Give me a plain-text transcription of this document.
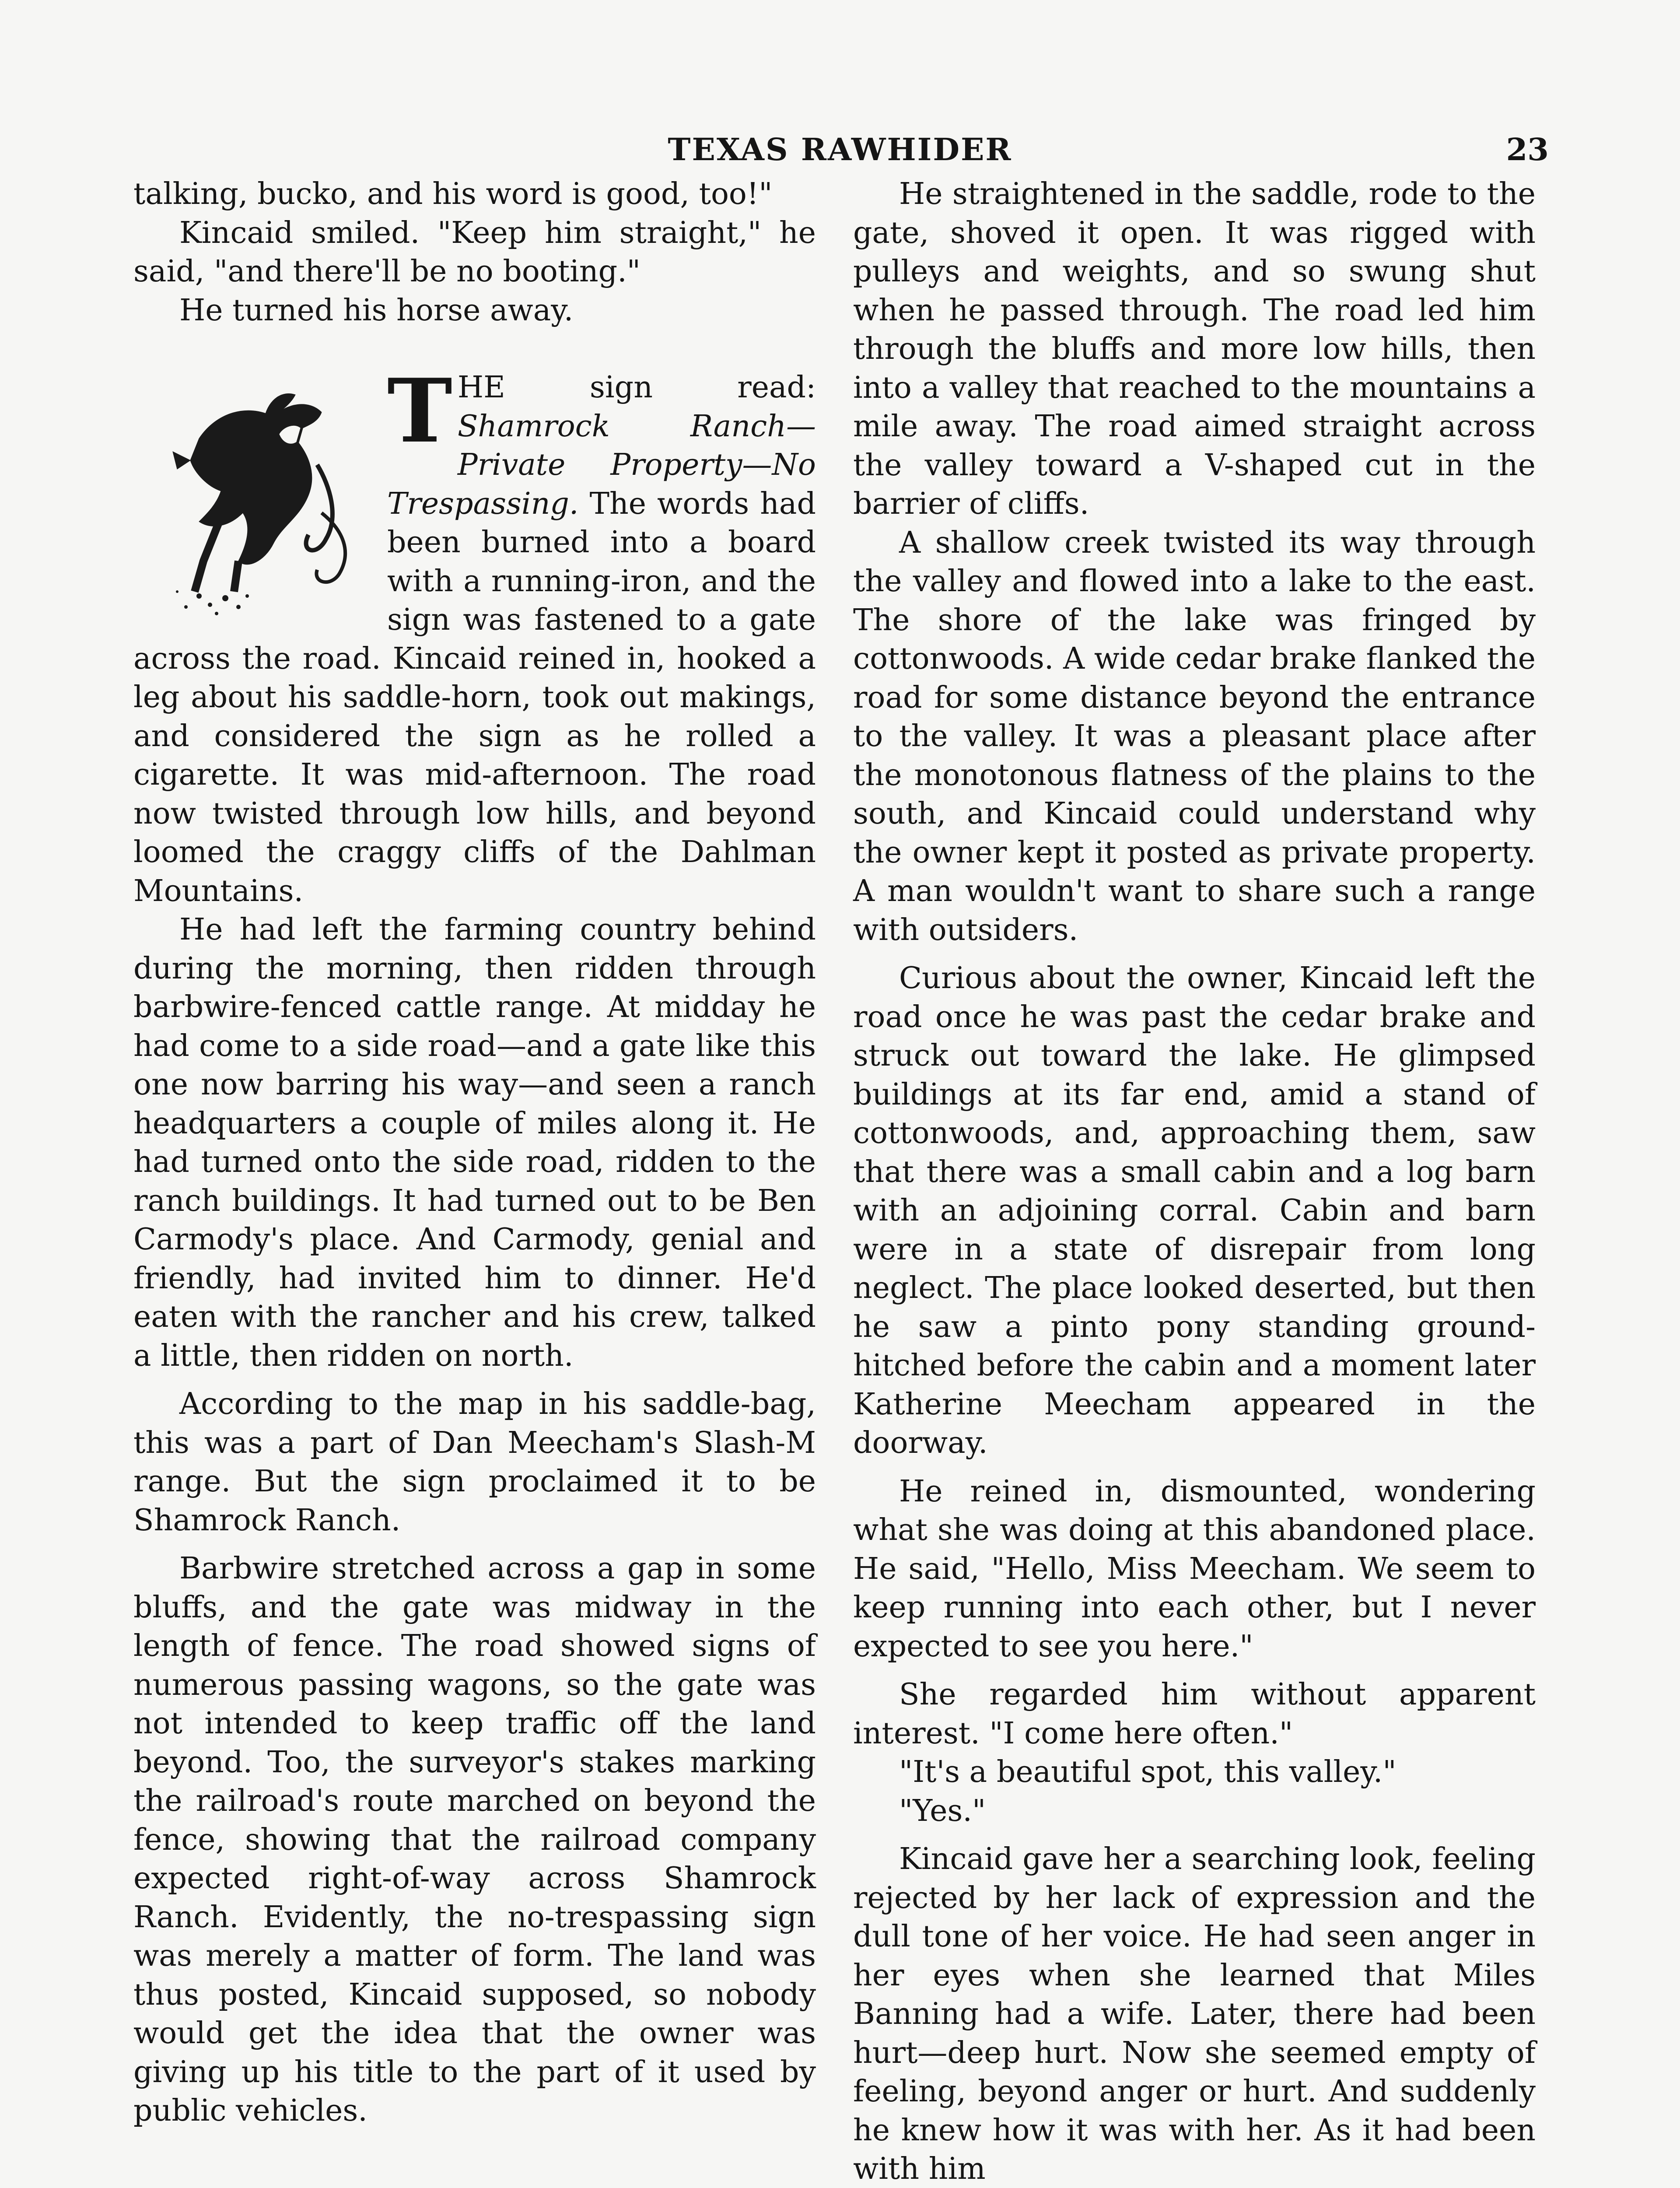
TEXAS RAWHIDER	23

talking, bucko, and his word is good, too!"

Kincaid smiled. "Keep him straight," he said, "and there'll be no booting."

He turned his horse away.

THE sign read: Shamrock Ranch—Private Property—No Trespassing. The words had been burned into a board with a running-iron, and the sign was fastened to a gate across the road. Kincaid reined in, hooked a leg about his saddle-horn, took out makings, and considered the sign as he rolled a cigarette. It was mid-afternoon. The road now twisted through low hills, and beyond loomed the craggy cliffs of the Dahlman Mountains.

He had left the farming country behind during the morning, then ridden through barbwire-fenced cattle range. At midday he had come to a side road—and a gate like this one now barring his way—and seen a ranch headquarters a couple of miles along it. He had turned onto the side road, ridden to the ranch buildings. It had turned out to be Ben Carmody's place. And Carmody, genial and friendly, had invited him to dinner. He'd eaten with the rancher and his crew, talked a little, then ridden on north.

According to the map in his saddle-bag, this was a part of Dan Meecham's Slash-M range. But the sign proclaimed it to be Shamrock Ranch.

Barbwire stretched across a gap in some bluffs, and the gate was midway in the length of fence. The road showed signs of numerous passing wagons, so the gate was not intended to keep traffic off the land beyond. Too, the surveyor's stakes marking the railroad's route marched on beyond the fence, showing that the railroad company expected right-of-way across Shamrock Ranch. Evidently, the no-trespassing sign was merely a matter of form. The land was thus posted, Kincaid supposed, so nobody would get the idea that the owner was giving up his title to the part of it used by public vehicles.

He straightened in the saddle, rode to the gate, shoved it open. It was rigged with pulleys and weights, and so swung shut when he passed through. The road led him through the bluffs and more low hills, then into a valley that reached to the mountains a mile away. The road aimed straight across the valley toward a V-shaped cut in the barrier of cliffs.

A shallow creek twisted its way through the valley and flowed into a lake to the east. The shore of the lake was fringed by cottonwoods. A wide cedar brake flanked the road for some distance beyond the entrance to the valley. It was a pleasant place after the monotonous flatness of the plains to the south, and Kincaid could understand why the owner kept it posted as private property. A man wouldn't want to share such a range with outsiders.

Curious about the owner, Kincaid left the road once he was past the cedar brake and struck out toward the lake. He glimpsed buildings at its far end, amid a stand of cottonwoods, and, approaching them, saw that there was a small cabin and a log barn with an adjoining corral. Cabin and barn were in a state of disrepair from long neglect. The place looked deserted, but then he saw a pinto pony standing ground-hitched before the cabin and a moment later Katherine Meecham appeared in the doorway.

He reined in, dismounted, wondering what she was doing at this abandoned place. He said, "Hello, Miss Meecham. We seem to keep running into each other, but I never expected to see you here."

She regarded him without apparent interest. "I come here often."

"It's a beautiful spot, this valley."

"Yes."

Kincaid gave her a searching look, feeling rejected by her lack of expression and the dull tone of her voice. He had seen anger in her eyes when she learned that Miles Banning had a wife. Later, there had been hurt—deep hurt. Now she seemed empty of feeling, beyond anger or hurt. And suddenly he knew how it was with her. As it had been with him
